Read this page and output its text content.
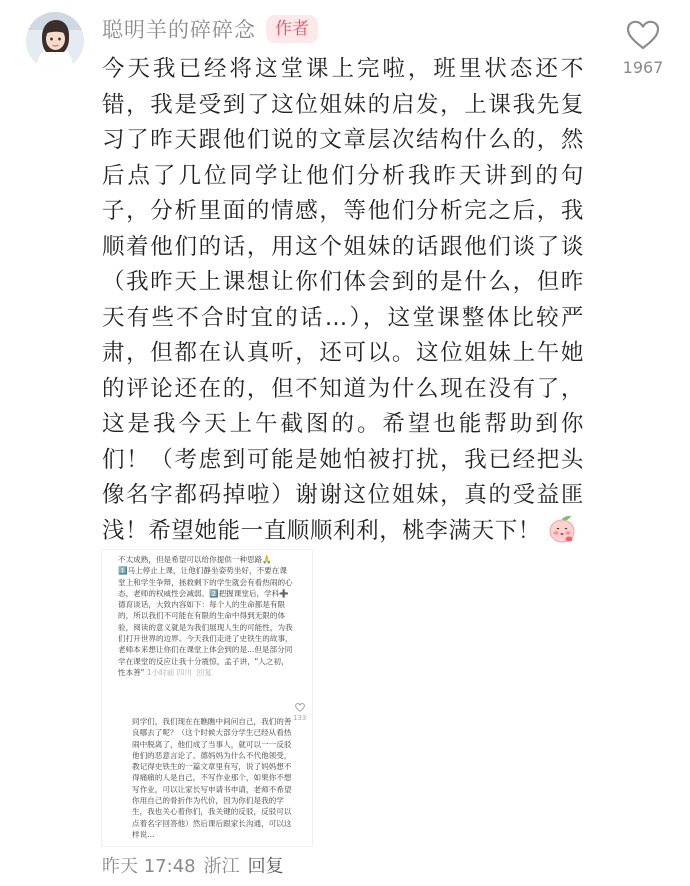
聪明羊的碎碎念	作者
1967
今天我已经将这堂课上完啦，班里状态还不错，我是受到了这位姐妹的启发，上课我先复习了昨天跟他们说的文章层次结构什么的，然后点了几位同学让他们分析我昨天讲到的句子，分析里面的情感，等他们分析完之后，我顺着他们的话，用这个姐妹的话跟他们谈了谈（我昨天上课想让你们体会到的是什么，但昨天有些不合时宜的话…），这堂课整体比较严肃，但都在认真听，还可以。这位姐妹上午她的评论还在的，但不知道为什么现在没有了，这是我今天上午截图的。希望也能帮助到你们！（考虑到可能是她怕被打扰，我已经把头像名字都码掉啦）谢谢这位姐妹，真的受益匪浅！希望她能一直顺顺利利，桃李满天下！
不太成熟，但是希望可以给你提供一种思路🙏
1️⃣马上停止上课，让他们静坐姿势坐好，不要在课堂上和学生争辩，拯救剩下的学生就会有看热闹的心态，老师的权威性会减弱。2️⃣把握课堂后，学科➕德育谈话，大致内容如下：每个人的生命都是有限的，所以我们不可能在有限的生命中得到无限的体验，阅读的意义就是为我们展现人生的可能性，为我们打开世界的边界。今天我们走进了史铁生的故事，老师本来想让你们在课堂上体会到的是...但是部分同学在课堂的反应让我十分震惊，孟子讲，"人之初，性本善" 1小时前 四川  回复
133
同学们，我们现在在瞧瞧中间问自己，我们的善良哪去了呢？（这个时候大部分学生已经从看热闹中脱离了，他们成了当事人，就可以一一反驳他们的恶意言论了。德妈妈为什么不代他领受，教记得史铁生的一篇文章里有写，说了妈妈想不得痛痛的人是自己，不写作业那个，如果你不想写作业，可以让家长写申请书申请，老师不希望你用自己的骨折作为代价，因为你们是我的学生，我也关心着你们，我关键的反驳，反驳可以点着名字回答他）然后课后跟家长沟通，可以这样说...
昨天 17:48 浙江 回复
